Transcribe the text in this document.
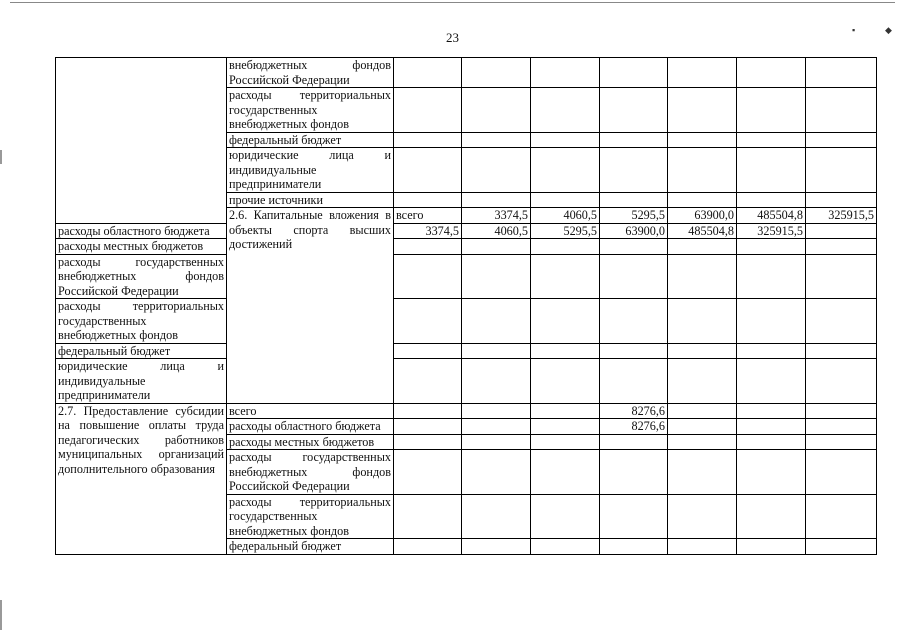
23	▪	◆
	внебюджетных фондов Российской Федерации								
	расходы территориальных государственных внебюджетных фондов								
	федеральный бюджет								
	юридические лица и индивидуальные предприниматели								
	прочие источники								
	2.6. Капитальные вложения в объекты спорта высших достижений	всего	3374,5	4060,5	5295,5	63900,0	485504,8	325915,5	
расходы областного бюджета		3374,5	4060,5	5295,5	63900,0	485504,8	325915,5		
расходы местных бюджетов									
расходы государственных внебюджетных фондов Российской Федерации									
расходы территориальных государственных внебюджетных фондов									
федеральный бюджет									
юридические лица и индивидуальные предприниматели									
2.7. Предоставление субсидии на повышение оплаты труда педагогических работников муниципальных организаций дополнительного образования	всего				8276,6				
	расходы областного бюджета				8276,6				
	расходы местных бюджетов								
	расходы государственных внебюджетных фондов Российской Федерации								
	расходы территориальных государственных внебюджетных фондов								
	федеральный бюджет								
